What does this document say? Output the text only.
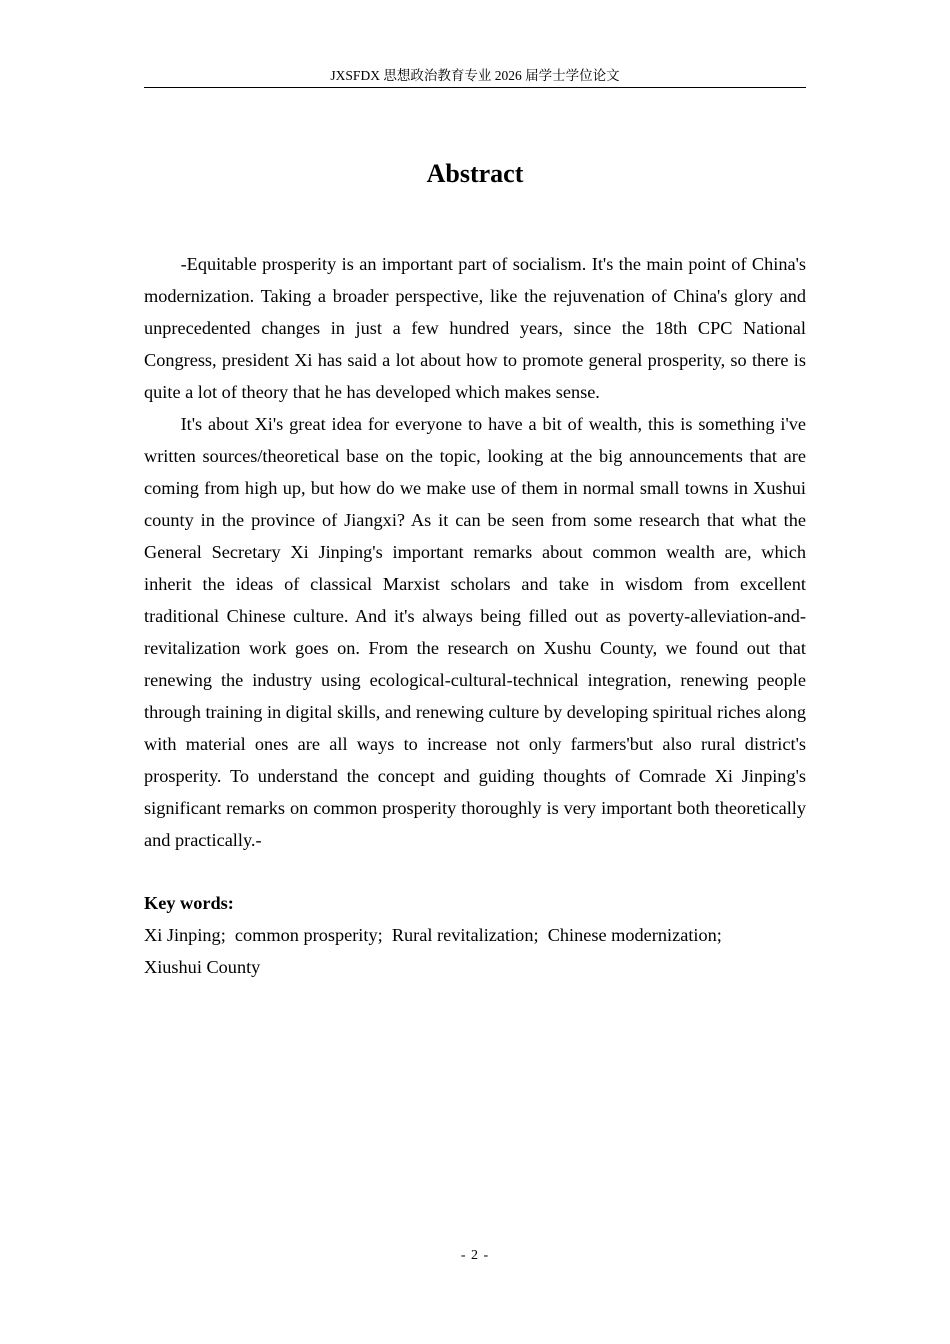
JXSFDX 思想政治教育专业 2026 届学士学位论文
Abstract

-Equitable prosperity is an important part of socialism. It's the main point of China's modernization. Taking a broader perspective, like the rejuvenation of China's glory and unprecedented changes in just a few hundred years, since the 18th CPC National Congress, president Xi has said a lot about how to promote general prosperity, so there is quite a lot of theory that he has developed which makes sense.

It's about Xi's great idea for everyone to have a bit of wealth, this is something i've written sources/theoretical base on the topic, looking at the big announcements that are coming from high up, but how do we make use of them in normal small towns in Xushui county in the province of Jiangxi? As it can be seen from some research that what the General Secretary Xi Jinping's important remarks about common wealth are, which inherit the ideas of classical Marxist scholars and take in wisdom from excellent traditional Chinese culture. And it's always being filled out as poverty-alleviation-and-revitalization work goes on. From the research on Xushu County, we found out that renewing the industry using ecological-cultural-technical integration, renewing people through training in digital skills, and renewing culture by developing spiritual riches along with material ones are all ways to increase not only farmers'but also rural district's prosperity. To understand the concept and guiding thoughts of Comrade Xi Jinping's significant remarks on common prosperity thoroughly is very important both theoretically and practically.-

Key words:
Xi Jinping;  common prosperity;  Rural revitalization;  Chinese modernization;
Xiushui County
- 2 -
